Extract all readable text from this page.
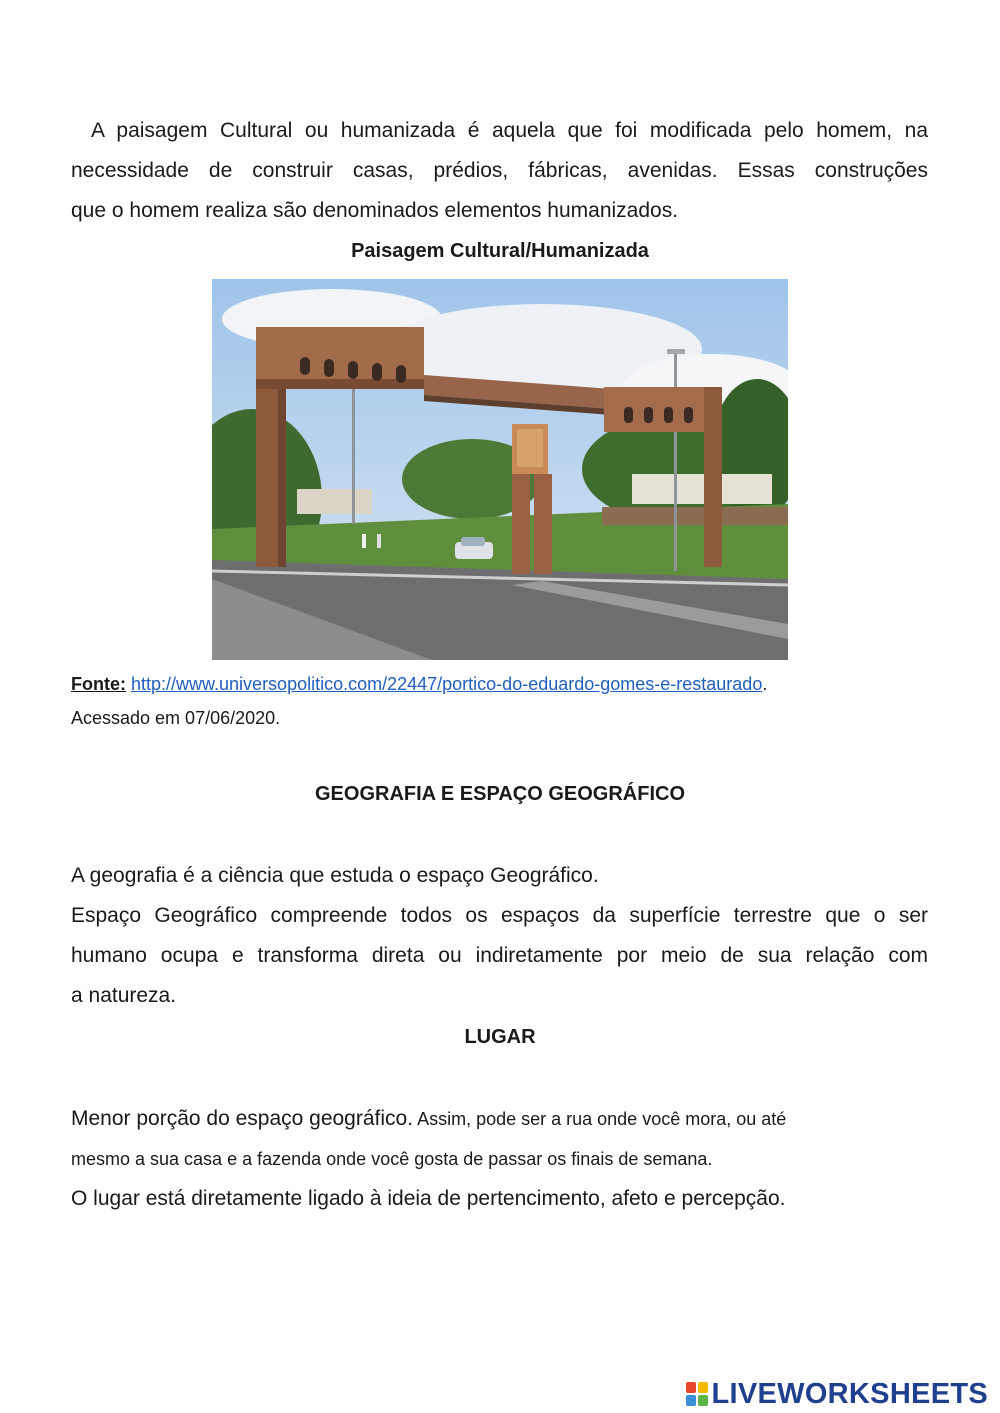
A paisagem Cultural ou humanizada é aquela que foi modificada pelo homem, na

necessidade de construir casas, prédios, fábricas, avenidas. Essas construções

que o homem realiza são denominados elementos humanizados.

Paisagem Cultural/Humanizada

Fonte: http://www.universopolitico.com/22447/portico-do-eduardo-gomes-e-restaurado.
Acessado em 07/06/2020.

GEOGRAFIA E ESPAÇO GEOGRÁFICO

A geografia é a ciência que estuda o espaço Geográfico.

Espaço Geográfico compreende todos os espaços da superfície terrestre que o ser

humano ocupa e transforma direta ou indiretamente por meio de sua relação com

a natureza.

LUGAR

Menor porção do espaço geográfico. Assim, pode ser a rua onde você mora, ou até

mesmo a sua casa e a fazenda onde você gosta de passar os finais de semana.

O lugar está diretamente ligado à ideia de pertencimento, afeto e percepção.

LIVEWORKSHEETS
